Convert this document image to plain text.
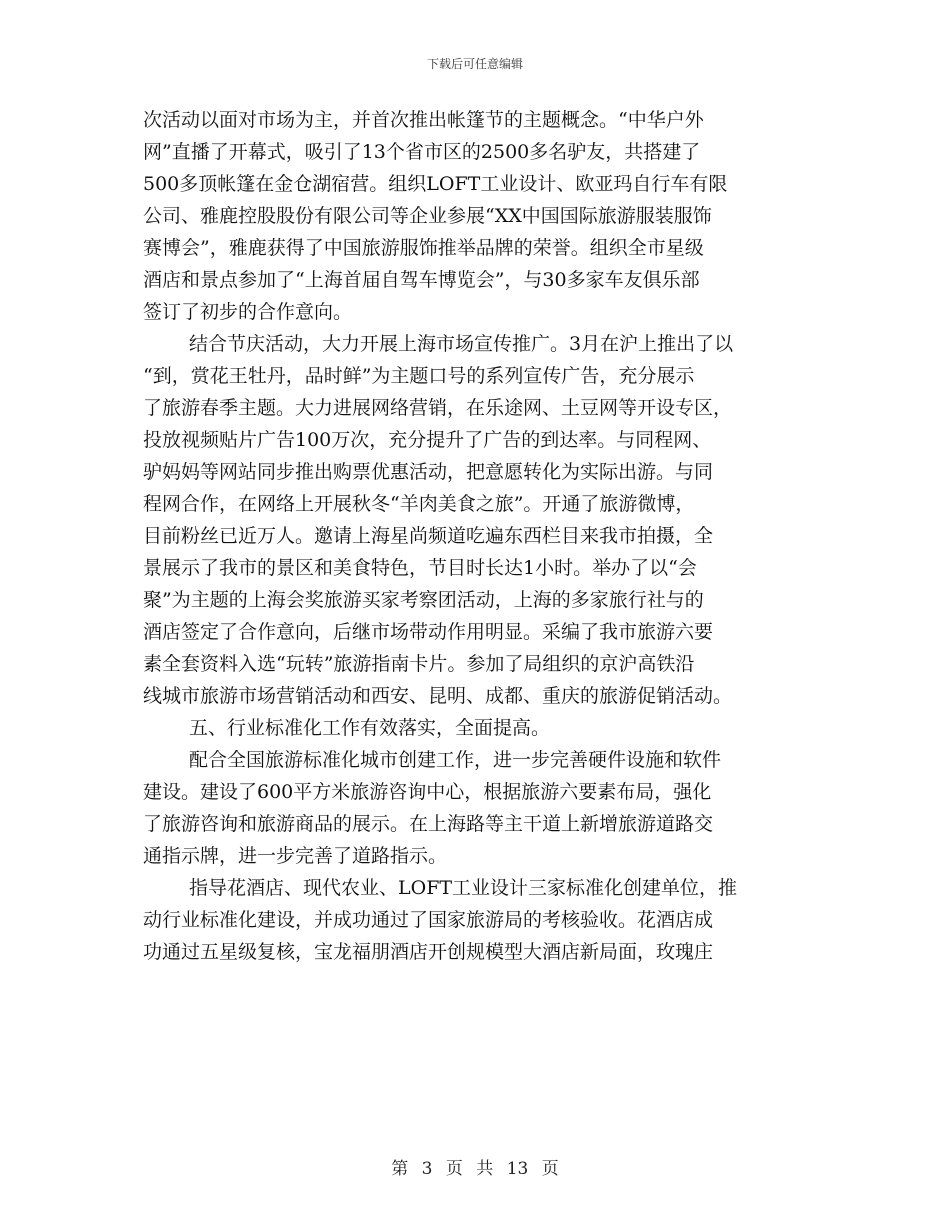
下载后可任意编辑
次活动以面对市场为主，并首次推出帐篷节的主题概念。“中华户外
网”直播了开幕式，吸引了13个省市区的2500多名驴友，共搭建了
500多顶帐篷在金仓湖宿营。组织LOFT工业设计、欧亚玛自行车有限
公司、雅鹿控股股份有限公司等企业参展“XX中国国际旅游服装服饰
赛博会”，雅鹿获得了中国旅游服饰推举品牌的荣誉。组织全市星级
酒店和景点参加了“上海首届自驾车博览会”，与30多家车友俱乐部
签订了初步的合作意向。
结合节庆活动，大力开展上海市场宣传推广。3月在沪上推出了以
“到，赏花王牡丹，品时鲜”为主题口号的系列宣传广告，充分展示
了旅游春季主题。大力进展网络营销，在乐途网、土豆网等开设专区，
投放视频贴片广告100万次，充分提升了广告的到达率。与同程网、
驴妈妈等网站同步推出购票优惠活动，把意愿转化为实际出游。与同
程网合作，在网络上开展秋冬“羊肉美食之旅”。开通了旅游微博，
目前粉丝已近万人。邀请上海星尚频道吃遍东西栏目来我市拍摄，全
景展示了我市的景区和美食特色，节目时长达1小时。举办了以“会
聚”为主题的上海会奖旅游买家考察团活动，上海的多家旅行社与的
酒店签定了合作意向，后继市场带动作用明显。采编了我市旅游六要
素全套资料入选“玩转”旅游指南卡片。参加了局组织的京沪高铁沿
线城市旅游市场营销活动和西安、昆明、成都、重庆的旅游促销活动。
五、行业标准化工作有效落实，全面提高。
配合全国旅游标准化城市创建工作，进一步完善硬件设施和软件
建设。建设了600平方米旅游咨询中心，根据旅游六要素布局，强化
了旅游咨询和旅游商品的展示。在上海路等主干道上新增旅游道路交
通指示牌，进一步完善了道路指示。
指导花酒店、现代农业、LOFT工业设计三家标准化创建单位，推
动行业标准化建设，并成功通过了国家旅游局的考核验收。花酒店成
功通过五星级复核，宝龙福朋酒店开创规模型大酒店新局面，玫瑰庄
第 3 页 共 13 页
